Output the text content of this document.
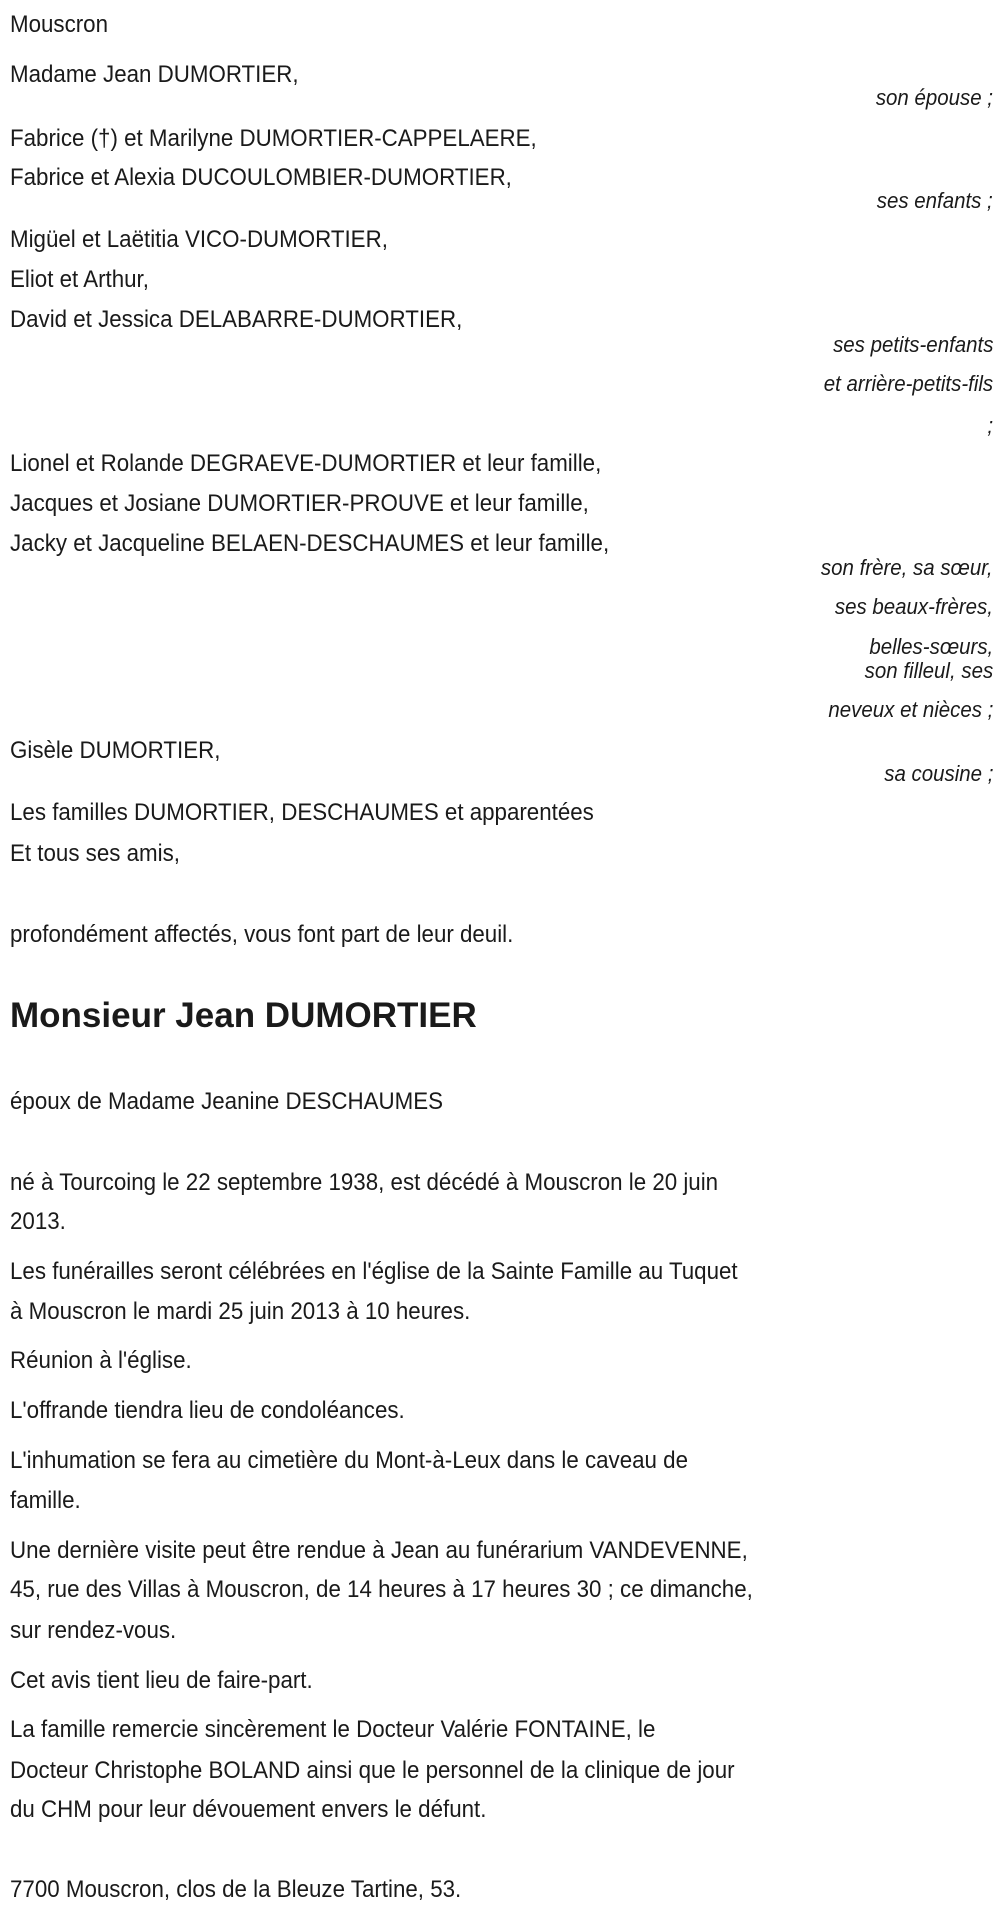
Mouscron
Madame Jean DUMORTIER,
son épouse ;
Fabrice (†) et Marilyne DUMORTIER-CAPPELAERE,
Fabrice et Alexia DUCOULOMBIER-DUMORTIER,
ses enfants ;
Migüel et Laëtitia VICO-DUMORTIER,
Eliot et Arthur,
David et Jessica DELABARRE-DUMORTIER,
ses petits-enfants
et arrière-petits-fils
;
Lionel et Rolande DEGRAEVE-DUMORTIER et leur famille,
Jacques et Josiane DUMORTIER-PROUVE et leur famille,
Jacky et Jacqueline BELAEN-DESCHAUMES et leur famille,
son frère, sa sœur,
ses beaux-frères,
belles-sœurs,
son filleul, ses
neveux et nièces ;
Gisèle DUMORTIER,
sa cousine ;
Les familles DUMORTIER, DESCHAUMES et apparentées
Et tous ses amis,
profondément affectés, vous font part de leur deuil.
Monsieur Jean DUMORTIER
époux de Madame Jeanine DESCHAUMES
né à Tourcoing le 22 septembre 1938, est décédé à Mouscron le 20 juin
2013.
Les funérailles seront célébrées en l'église de la Sainte Famille au Tuquet
à Mouscron le mardi 25 juin 2013 à 10 heures.
Réunion à l'église.
L'offrande tiendra lieu de condoléances.
L'inhumation se fera au cimetière du Mont-à-Leux dans le caveau de
famille.
Une dernière visite peut être rendue à Jean au funérarium VANDEVENNE,
45, rue des Villas à Mouscron, de 14 heures à 17 heures 30 ; ce dimanche,
sur rendez-vous.
Cet avis tient lieu de faire-part.
La famille remercie sincèrement le Docteur Valérie FONTAINE, le
Docteur Christophe BOLAND ainsi que le personnel de la clinique de jour
du CHM pour leur dévouement envers le défunt.
7700 Mouscron, clos de la Bleuze Tartine, 53.
